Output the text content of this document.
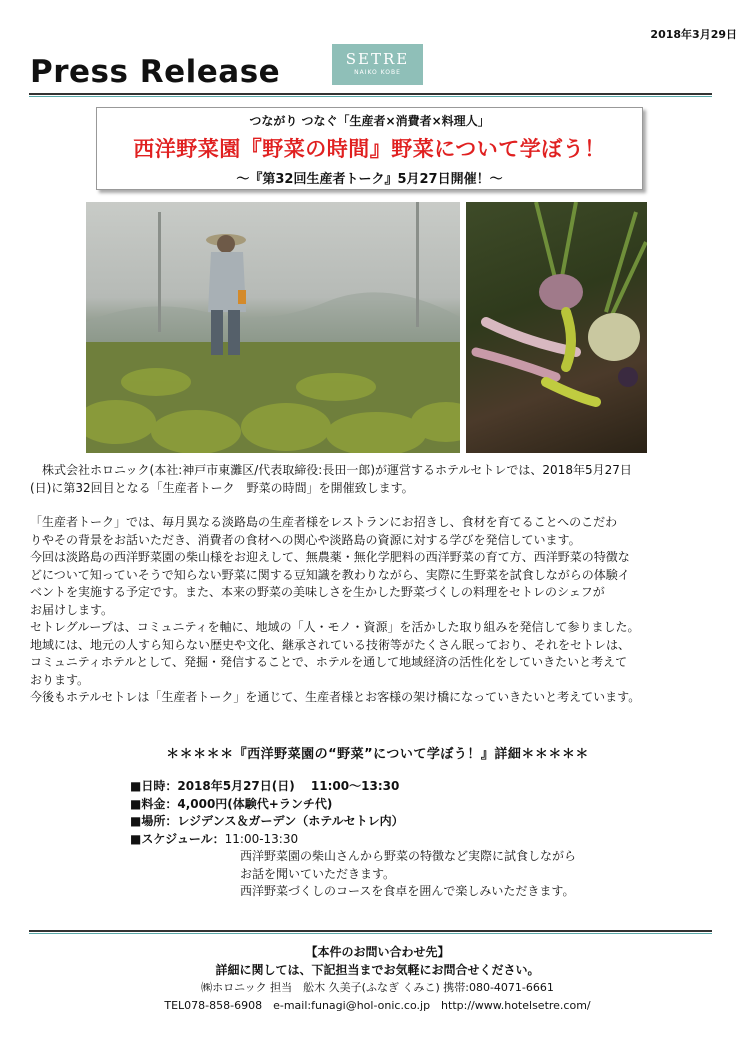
2018年3月29日
Press Release	SETRE
NAIKO KOBE
つながり つなぐ「生産者×消費者×料理人」
西洋野菜園『野菜の時間』野菜について学ぼう！
～『第32回生産者トーク』5月27日開催！～

　株式会社ホロニック(本社:神戸市東灘区/代表取締役:長田一郎)が運営するホテルセトレでは、2018年5月27日

(日)に第32回目となる「生産者トーク　野菜の時間」を開催致します。

「生産者トーク」では、毎月異なる淡路島の生産者様をレストランにお招きし、食材を育てることへのこだわ

りやその背景をお話いただき、消費者の食材への関心や淡路島の資源に対する学びを発信しています。

今回は淡路島の西洋野菜園の柴山様をお迎えして、無農薬・無化学肥料の西洋野菜の育て方、西洋野菜の特徴な

どについて知っていそうで知らない野菜に関する豆知識を教わりながら、実際に生野菜を試食しながらの体験イ

ベントを実施する予定です。また、本来の野菜の美味しさを生かした野菜づくしの料理をセトレのシェフが

お届けします。

セトレグループは、コミュニティを軸に、地域の「人・モノ・資源」を活かした取り組みを発信して参りました。

地域には、地元の人すら知らない歴史や文化、継承されている技術等がたくさん眠っており、それをセトレは、

コミュニティホテルとして、発掘・発信することで、ホテルを通して地域経済の活性化をしていきたいと考えて

おります。

今後もホテルセトレは「生産者トーク」を通じて、生産者様とお客様の架け橋になっていきたいと考えています。

＊＊＊＊＊『西洋野菜園の“野菜”について学ぼう！』詳細＊＊＊＊＊
■日時：2018年5月27日(日)　 11:00～13:30
■料金：4,000円(体験代+ランチ代)
■場所：レジデンス＆ガーデン（ホテルセトレ内）
■スケジュール：11:00-13:30
西洋野菜園の柴山さんから野菜の特徴など実際に試食しながら
お話を聞いていただきます。
西洋野菜づくしのコースを食卓を囲んで楽しみいただきます。
【本件のお問い合わせ先】
詳細に関しては、下記担当までお気軽にお問合せください。
㈱ホロニック 担当　舩木 久美子(ふなぎ くみこ) 携帯:080-4071-6661
TEL078-858-6908　e-mail:funagi@hol-onic.co.jp　http://www.hotelsetre.com/
